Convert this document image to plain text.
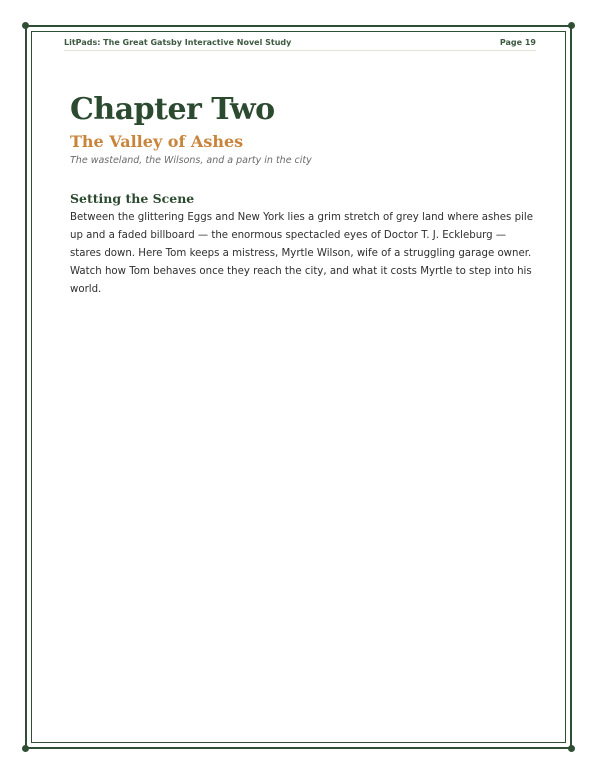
LitPads: The Great Gatsby Interactive Novel Study	Page 19
Chapter Two
The Valley of Ashes

The wasteland, the Wilsons, and a party in the city

Setting the Scene

Between the glittering Eggs and New York lies a grim stretch of grey land where ashes pile up and a faded billboard — the enormous spectacled eyes of Doctor T. J. Eckleburg — stares down. Here Tom keeps a mistress, Myrtle Wilson, wife of a struggling garage owner. Watch how Tom behaves once they reach the city, and what it costs Myrtle to step into his world.
